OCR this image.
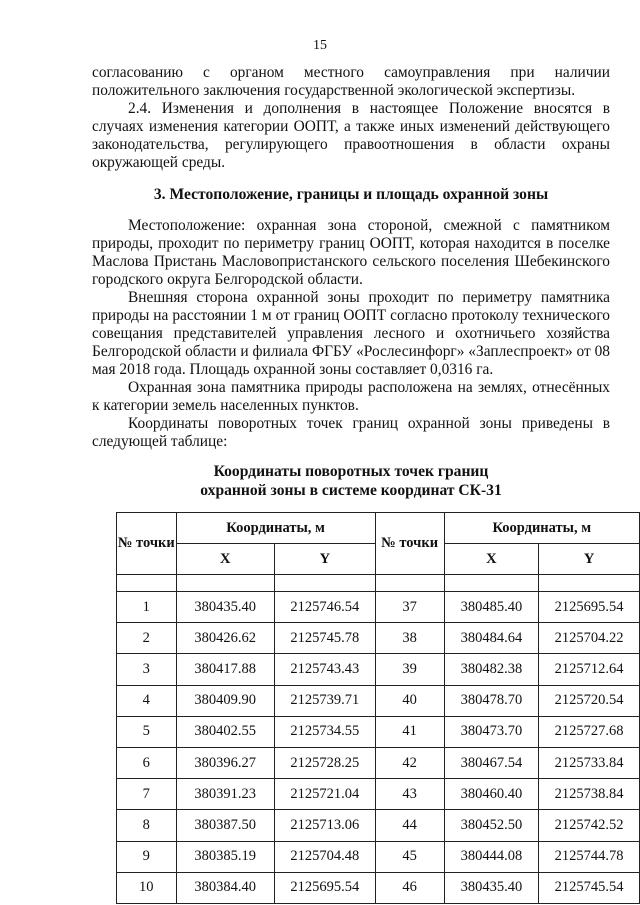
15
согласованию с органом местного самоуправления при наличии

положительного заключения государственной экологической экспертизы.

2.4. Изменения и дополнения в настоящее Положение вносятся в случаях изменения категории ООПТ, а также иных изменений действующего законодательства, регулирующего правоотношения в области охраны окружающей среды.

3. Местоположение, границы и площадь охранной зоны

Местоположение: охранная зона стороной, смежной с памятником природы, проходит по периметру границ ООПТ, которая находится в поселке Маслова Пристань Масловопристанского сельского поселения Шебекинского городского округа Белгородской области.

Внешняя сторона охранной зоны проходит по периметру памятника природы на расстоянии 1 м от границ ООПТ согласно протоколу технического совещания представителей управления лесного и охотничьего хозяйства Белгородской области и филиала ФГБУ «Рослесинфорг» «Заплеспроект» от 08 мая 2018 года. Площадь охранной зоны составляет 0,0316 га.

Охранная зона памятника природы расположена на землях, отнесённых к категории земель населенных пунктов.

Координаты поворотных точек границ охранной зоны приведены в следующей таблице:

Координаты поворотных точек границ
охранной зоны в системе координат СК-31
№ точки	Координаты, м		№ точки	Координаты, м	
	X	Y		X	Y

1	380435.40	2125746.54	37	380485.40	2125695.54
2	380426.62	2125745.78	38	380484.64	2125704.22
3	380417.88	2125743.43	39	380482.38	2125712.64
4	380409.90	2125739.71	40	380478.70	2125720.54
5	380402.55	2125734.55	41	380473.70	2125727.68
6	380396.27	2125728.25	42	380467.54	2125733.84
7	380391.23	2125721.04	43	380460.40	2125738.84
8	380387.50	2125713.06	44	380452.50	2125742.52
9	380385.19	2125704.48	45	380444.08	2125744.78
10	380384.40	2125695.54	46	380435.40	2125745.54
